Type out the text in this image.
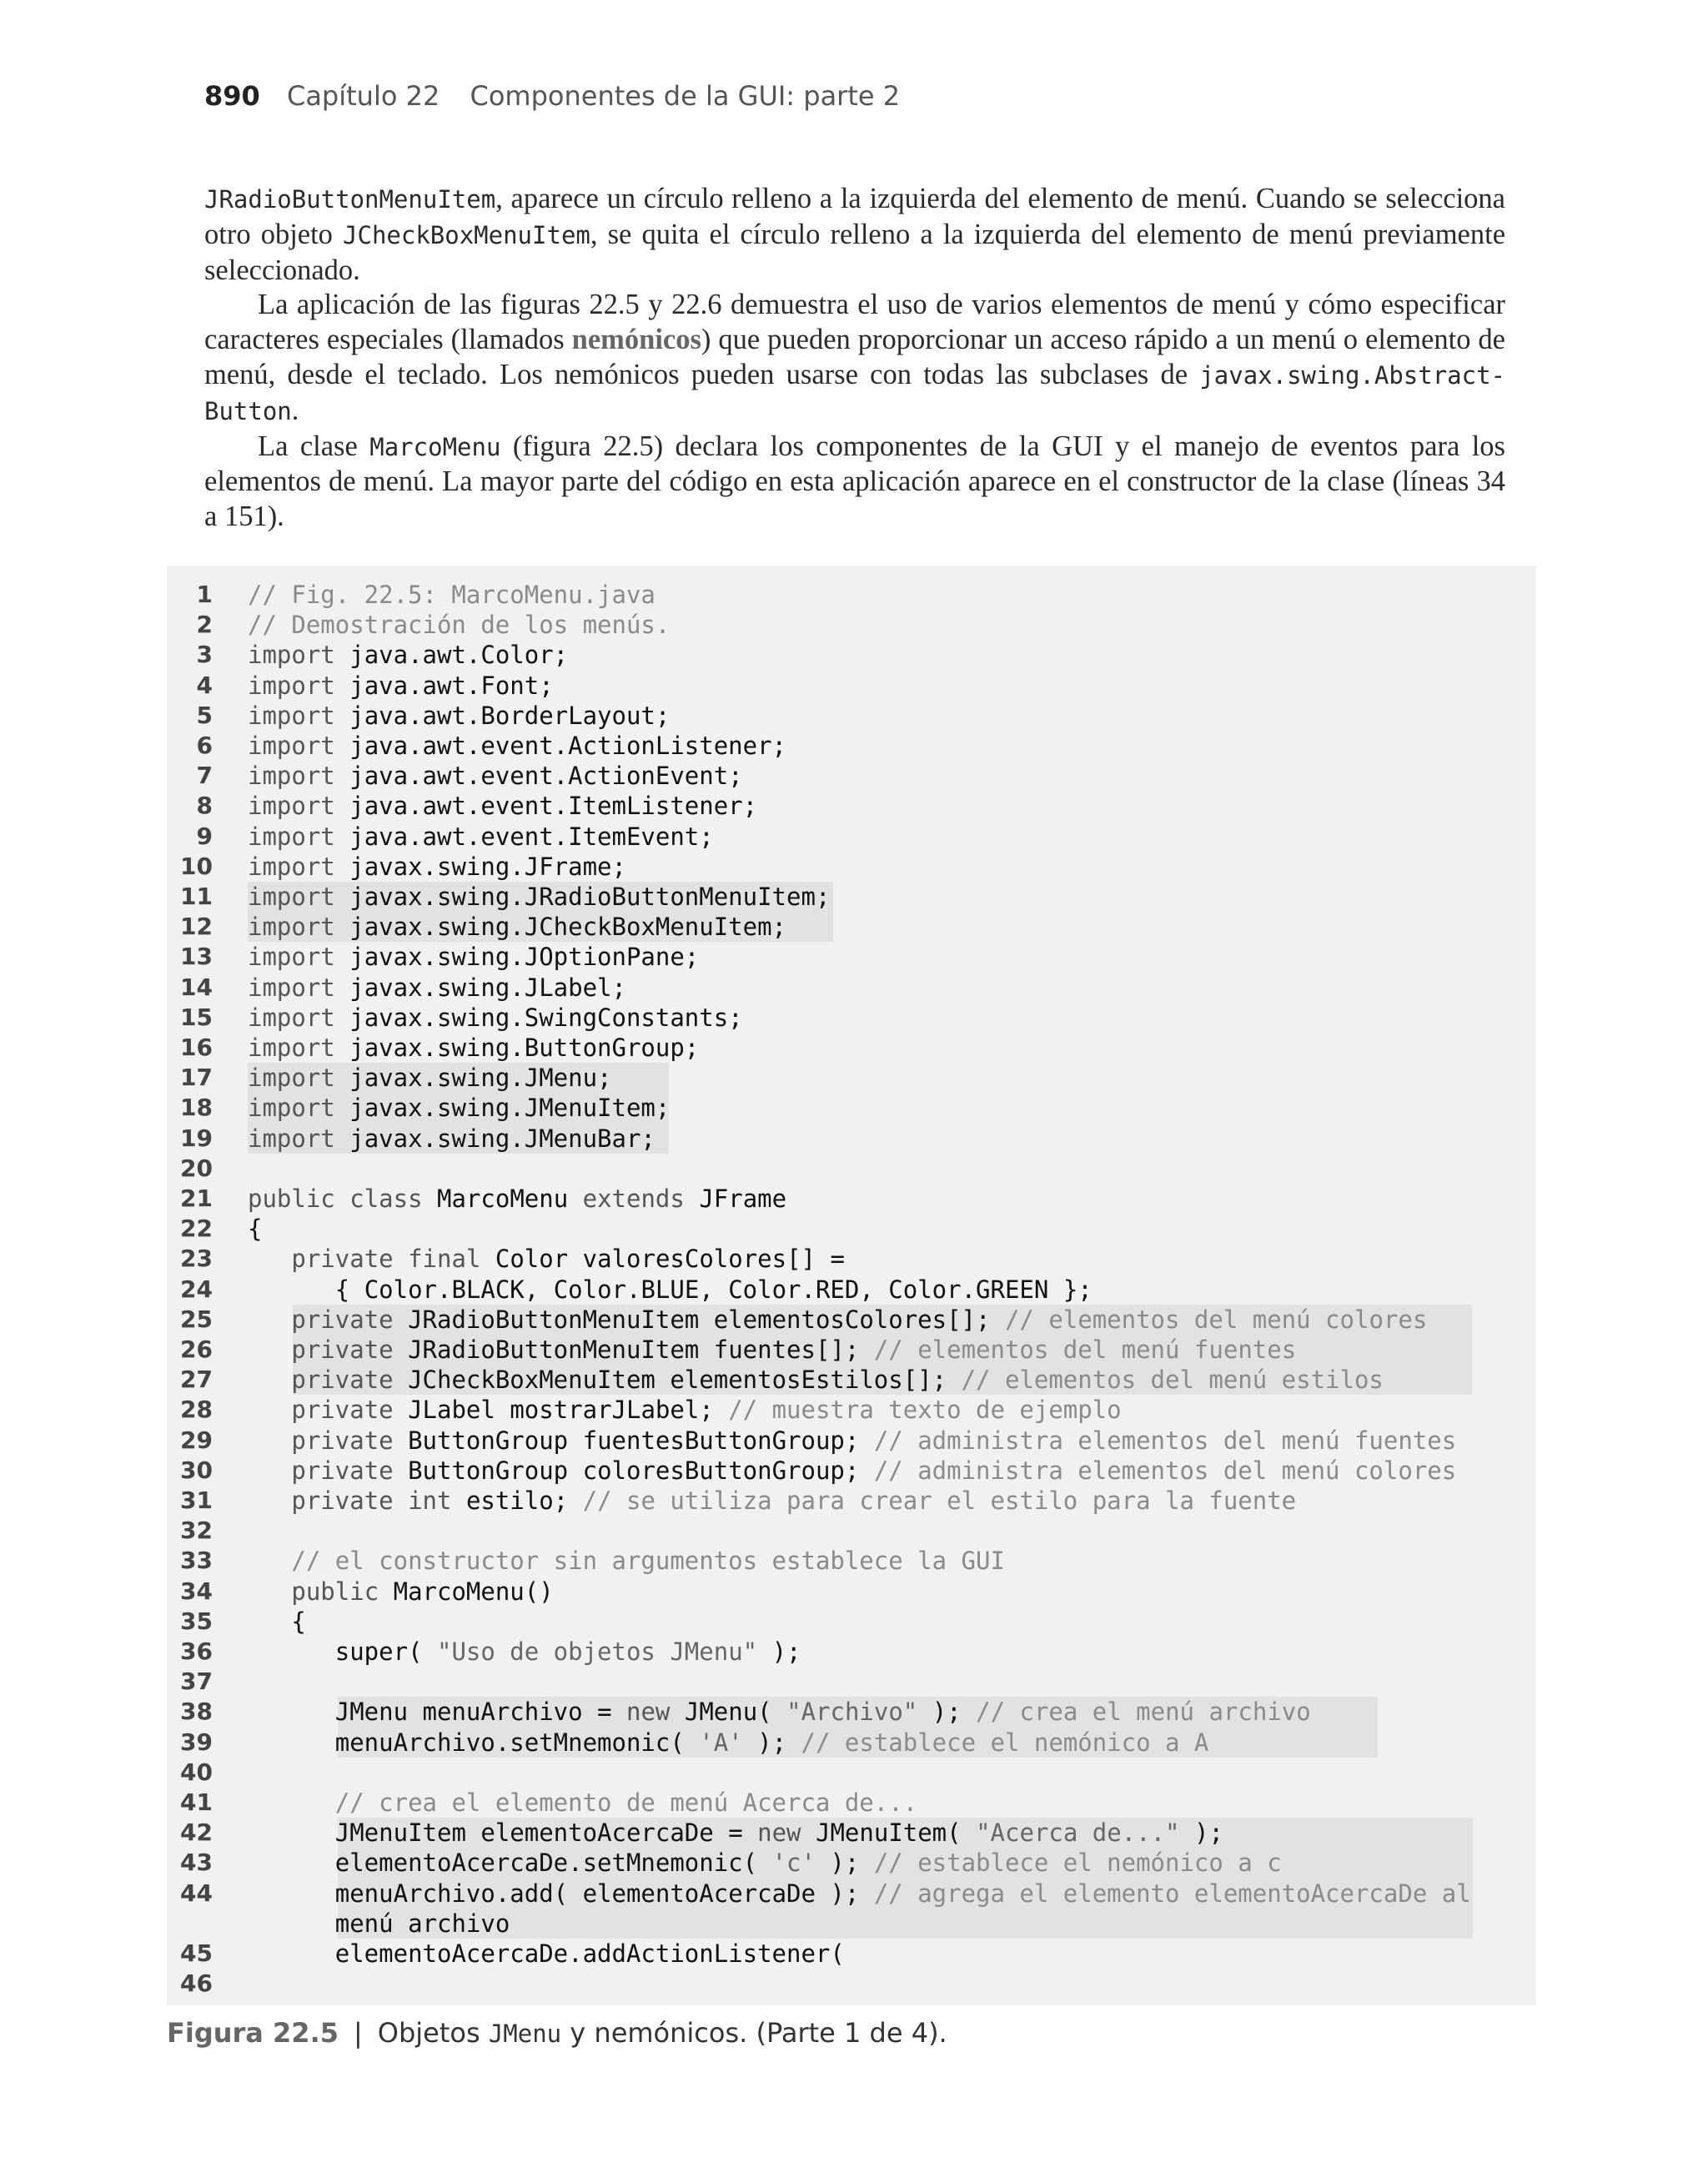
890 Capítulo 22 Componentes de la GUI: parte 2

JRadioButtonMenuItem, aparece un círculo relleno a la izquierda del elemento de menú. Cuando se selecciona otro objeto JCheckBoxMenuItem, se quita el círculo relleno a la izquierda del elemento de menú previamente seleccionado.

La aplicación de las figuras 22.5 y 22.6 demuestra el uso de varios elementos de menú y cómo especificar caracteres especiales (llamados nemónicos) que pueden proporcionar un acceso rápido a un menú o elemento de menú, desde el teclado. Los nemónicos pueden usarse con todas las subclases de javax.swing.Abstract-Button.

La clase MarcoMenu (figura 22.5) declara los componentes de la GUI y el manejo de eventos para los elementos de menú. La mayor parte del código en esta aplicación aparece en el constructor de la clase (líneas 34 a 151).

1 // Fig. 22.5: MarcoMenu.java
2 // Demostración de los menús.
3 import java.awt.Color;
4 import java.awt.Font;
5 import java.awt.BorderLayout;
6 import java.awt.event.ActionListener;
7 import java.awt.event.ActionEvent;
8 import java.awt.event.ItemListener;
9 import java.awt.event.ItemEvent;
10 import javax.swing.JFrame;
11 import javax.swing.JRadioButtonMenuItem;
12 import javax.swing.JCheckBoxMenuItem;
13 import javax.swing.JOptionPane;
14 import javax.swing.JLabel;
15 import javax.swing.SwingConstants;
16 import javax.swing.ButtonGroup;
17 import javax.swing.JMenu;
18 import javax.swing.JMenuItem;
19 import javax.swing.JMenuBar;
20
21 public class MarcoMenu extends JFrame
22 {
23	private final Color valoresColores[] =
24	{ Color.BLACK, Color.BLUE, Color.RED, Color.GREEN };
25	private JRadioButtonMenuItem elementosColores[]; // elementos del menú colores
26	private JRadioButtonMenuItem fuentes[]; // elementos del menú fuentes
27	private JCheckBoxMenuItem elementosEstilos[]; // elementos del menú estilos
28	private JLabel mostrarJLabel; // muestra texto de ejemplo
29	private ButtonGroup fuentesButtonGroup; // administra elementos del menú fuentes
30	private ButtonGroup coloresButtonGroup; // administra elementos del menú colores
31	private int estilo; // se utiliza para crear el estilo para la fuente
32
33	// el constructor sin argumentos establece la GUI
34	public MarcoMenu()
35	{
36	super( "Uso de objetos JMenu" );
37
38	JMenu menuArchivo = new JMenu( "Archivo" ); // crea el menú archivo
39	menuArchivo.setMnemonic( 'A' ); // establece el nemónico a A
40
41	// crea el elemento de menú Acerca de...
42	JMenuItem elementoAcercaDe = new JMenuItem( "Acerca de..." );
43	elementoAcercaDe.setMnemonic( 'c' ); // establece el nemónico a c
44	menuArchivo.add( elementoAcercaDe ); // agrega el elemento elementoAcercaDe al
menú archivo
45	elementoAcercaDe.addActionListener(
46
Figura 22.5 | Objetos JMenu y nemónicos. (Parte 1 de 4).
